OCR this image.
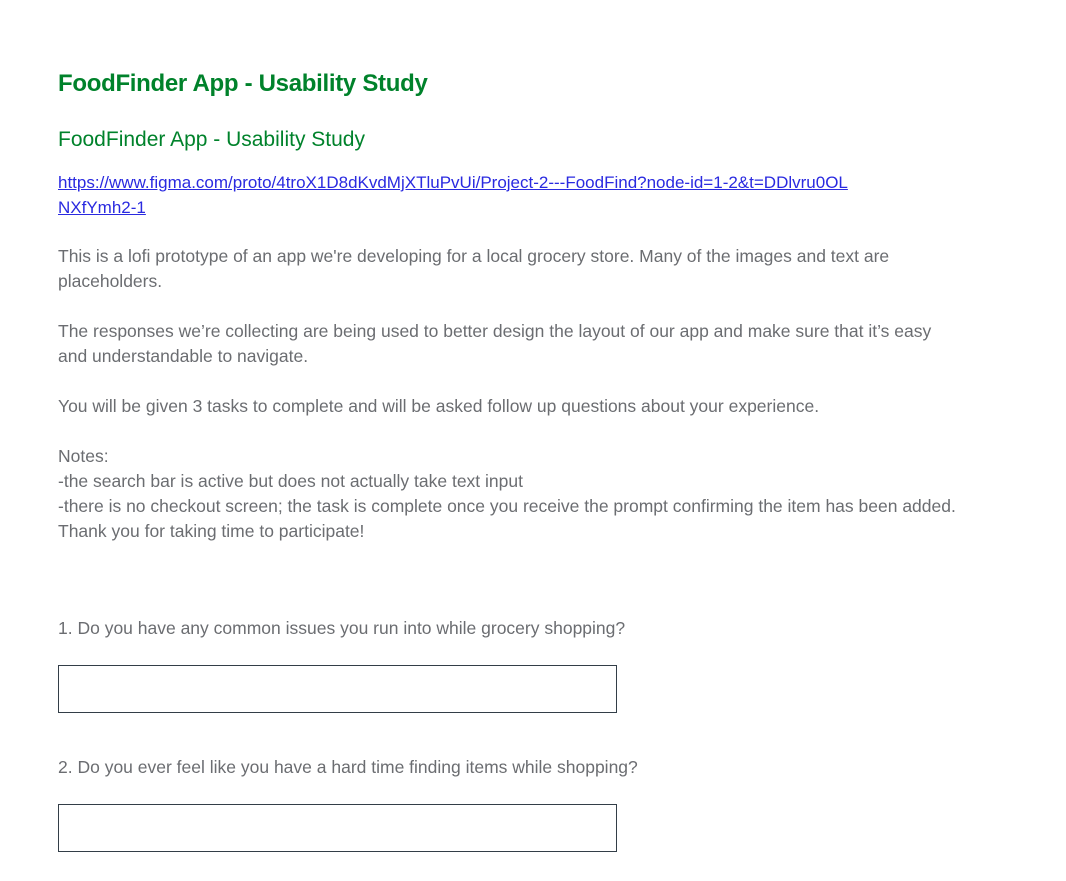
FoodFinder App - Usability Study
FoodFinder App - Usability Study
https://www.figma.com/proto/4troX1D8dKvdMjXTluPvUi/Project-2---FoodFind?node-id=1-2&t=DDlvru0OLNXfYmh2-1

This is a lofi prototype of an app we're developing for a local grocery store. Many of the images and text are placeholders.

The responses we’re collecting are being used to better design the layout of our app and make sure that it’s easy and understandable to navigate.

You will be given 3 tasks to complete and will be asked follow up questions about your experience.

Notes:
-the search bar is active but does not actually take text input
-there is no checkout screen; the task is complete once you receive the prompt confirming the item has been added.
Thank you for taking time to participate!
1. Do you have any common issues you run into while grocery shopping?
2. Do you ever feel like you have a hard time finding items while shopping?
